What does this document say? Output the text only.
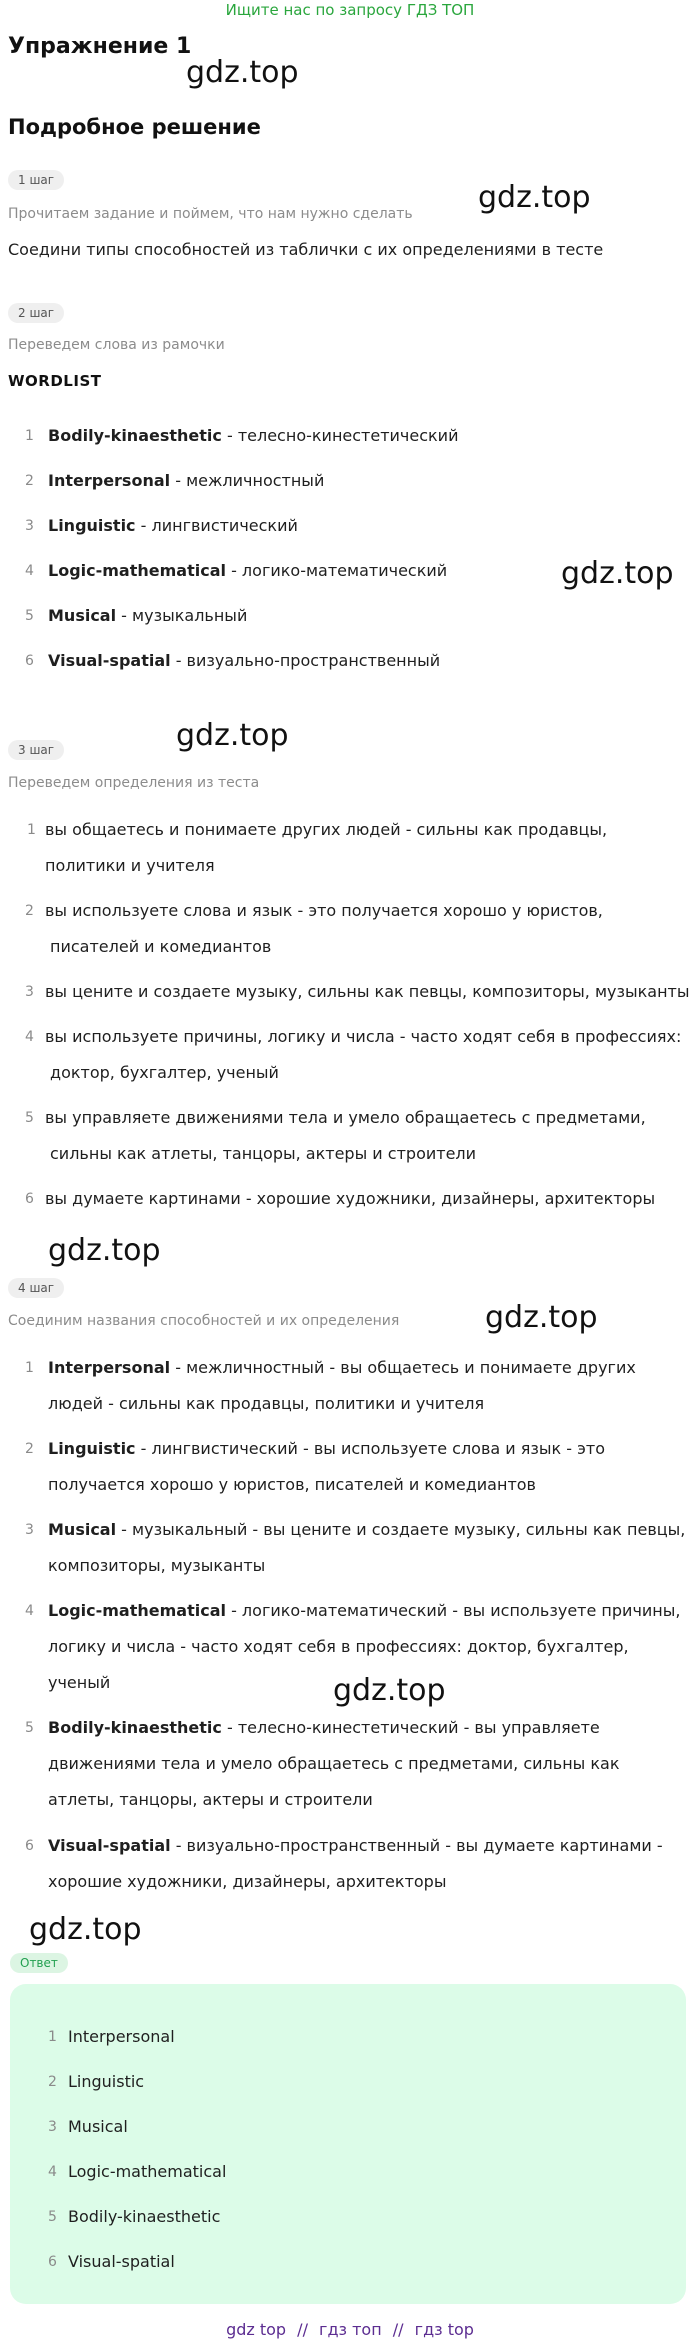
Ищите нас по запросу ГДЗ ТОП
Упражнение 1
Подробное решение
gdz.top
gdz.top
gdz.top
gdz.top
gdz.top
gdz.top
gdz.top
gdz.top
1 шаг
Прочитаем задание и поймем, что нам нужно сделать
Соедини типы способностей из таблички с их определениями в тесте
2 шаг
Переведем слова из рамочки
WORDLIST
1 Bodily-kinaesthetic - телесно-кинестетический
2 Interpersonal - межличностный
3 Linguistic - лингвистический
4 Logic-mathematical - логико-математический
5 Musical - музыкальный
6 Visual-spatial - визуально-пространственный
3 шаг
Переведем определения из теста
1 вы общаетесь и понимаете других людей - сильны как продавцы,
политики и учителя
2 вы используете слова и язык - это получается хорошо у юристов,
писателей и комедиантов
3 вы цените и создаете музыку, сильны как певцы, композиторы, музыканты
4 вы используете причины, логику и числа - часто ходят себя в профессиях:
доктор, бухгалтер, ученый
5 вы управляете движениями тела и умело обращаетесь с предметами,
сильны как атлеты, танцоры, актеры и строители
6 вы думаете картинами - хорошие художники, дизайнеры, архитекторы
4 шаг
Соединим названия способностей и их определения
1 Interpersonal - межличностный - вы общаетесь и понимаете других
людей - сильны как продавцы, политики и учителя
2 Linguistic - лингвистический - вы используете слова и язык - это
получается хорошо у юристов, писателей и комедиантов
3 Musical - музыкальный - вы цените и создаете музыку, сильны как певцы,
композиторы, музыканты
4 Logic-mathematical - логико-математический - вы используете причины,
логику и числа - часто ходят себя в профессиях: доктор, бухгалтер,
ученый
5 Bodily-kinaesthetic - телесно-кинестетический - вы управляете
движениями тела и умело обращаетесь с предметами, сильны как
атлеты, танцоры, актеры и строители
6 Visual-spatial - визуально-пространственный - вы думаете картинами -
хорошие художники, дизайнеры, архитекторы
Ответ
1 Interpersonal
2 Linguistic
3 Musical
4 Logic-mathematical
5 Bodily-kinaesthetic
6 Visual-spatial
gdz top // гдз топ // гдз top
